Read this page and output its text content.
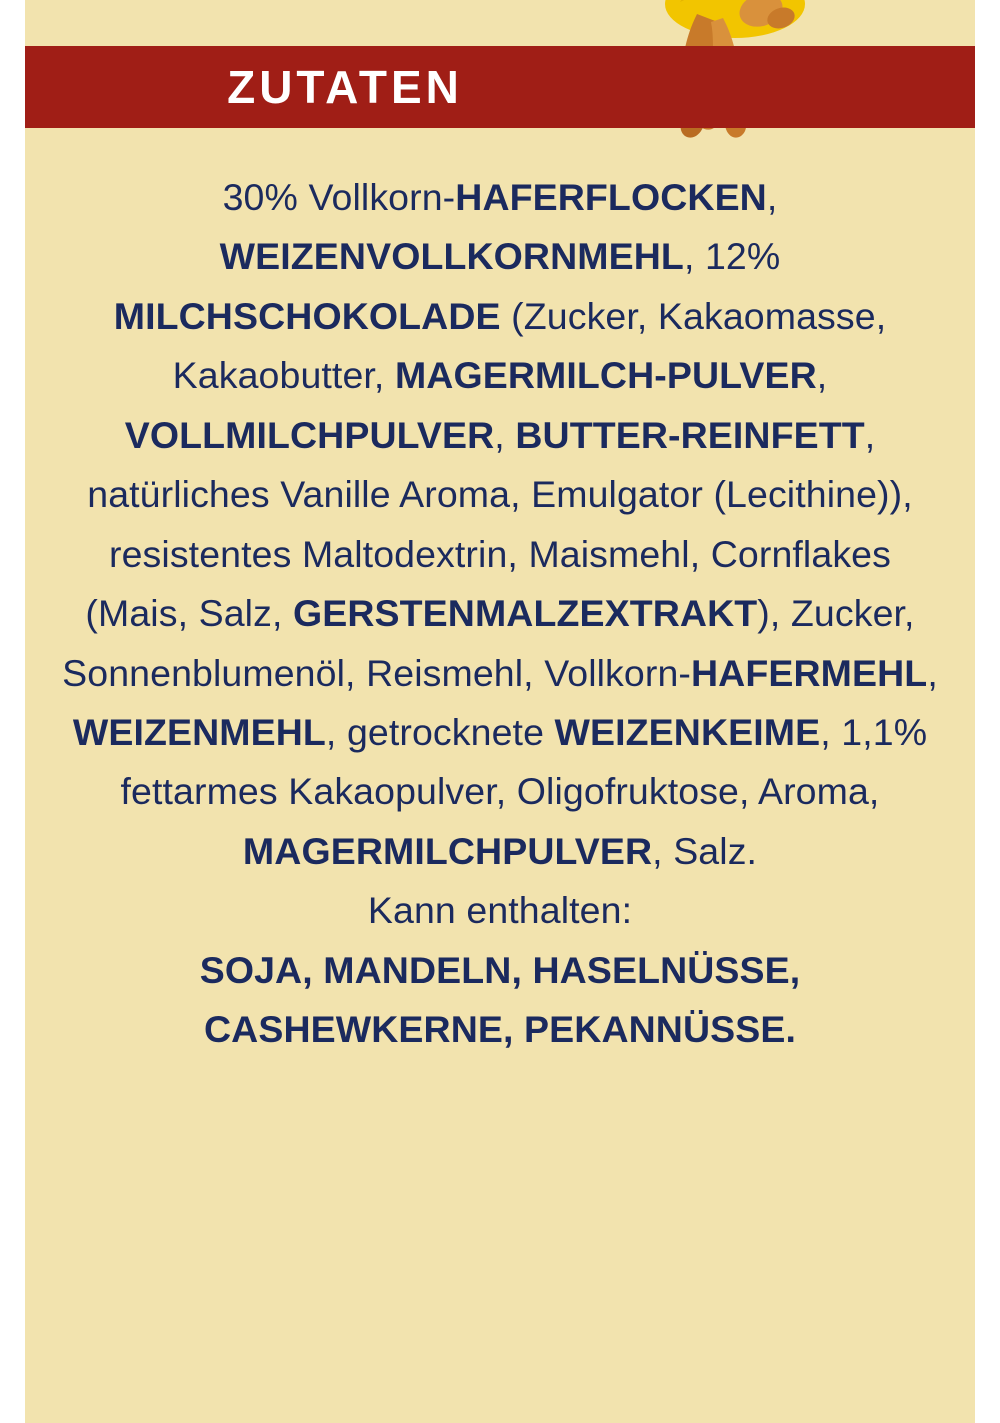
ZUTATEN
30% Vollkorn-HAFERFLOCKEN, WEIZENVOLLKORNMEHL, 12% MILCHSCHOKOLADE (Zucker, Kakaomasse, Kakaobutter, MAGERMILCH-PULVER, VOLLMILCHPULVER, BUTTER-REINFETT, natürliches Vanille Aroma, Emulgator (Lecithine)), resistentes Maltodextrin, Maismehl, Cornflakes (Mais, Salz, GERSTENMALZEXTRAKT), Zucker, Sonnenblumenöl, Reismehl, Vollkorn-HAFERMEHL, WEIZENMEHL, getrocknete WEIZENKEIME, 1,1% fettarmes Kakaopulver, Oligofruktose, Aroma, MAGERMILCHPULVER, Salz.
Kann enthalten:
SOJA, MANDELN, HASELNÜSSE, CASHEWKERNE, PEKANNÜSSE.
